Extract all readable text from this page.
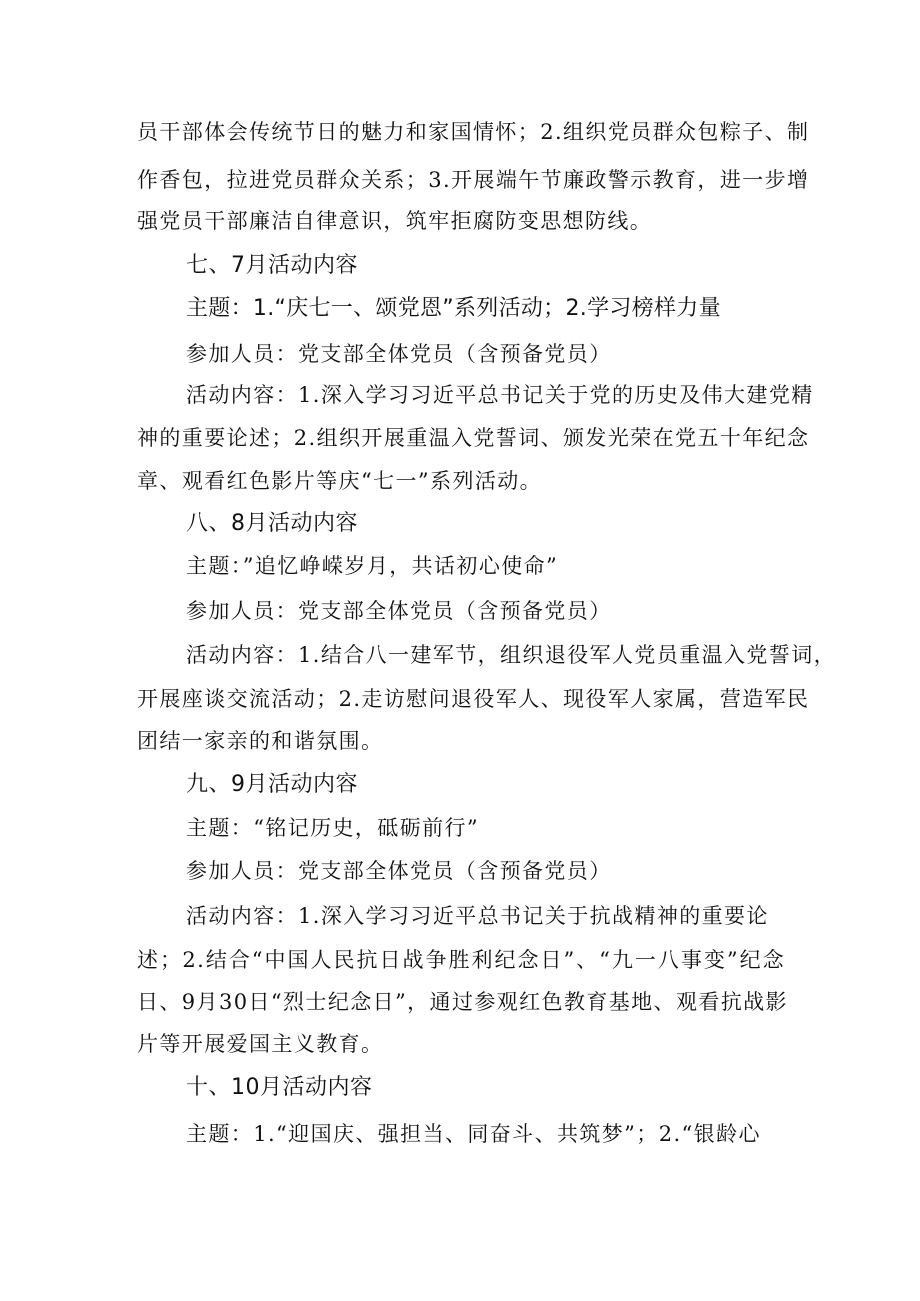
员干部体会传统节日的魅力和家国情怀；2.组织党员群众包粽子、制
作香包，拉进党员群众关系；3.开展端午节廉政警示教育，进一步增
强党员干部廉洁自律意识，筑牢拒腐防变思想防线。
七、7月活动内容
主题：1.“庆七一、颂党恩”系列活动；2.学习榜样力量
参加人员：党支部全体党员（含预备党员）
活动内容：1.深入学习习近平总书记关于党的历史及伟大建党精
神的重要论述；2.组织开展重温入党誓词、颁发光荣在党五十年纪念
章、观看红色影片等庆“七一”系列活动。
八、8月活动内容
主题：”追忆峥嵘岁月，共话初心使命”
参加人员：党支部全体党员（含预备党员）
活动内容：1.结合八一建军节，组织退役军人党员重温入党誓词，
开展座谈交流活动；2.走访慰问退役军人、现役军人家属，营造军民
团结一家亲的和谐氛围。
九、9月活动内容
主题：“铭记历史，砥砺前行”
参加人员：党支部全体党员（含预备党员）
活动内容：1.深入学习习近平总书记关于抗战精神的重要论
述；2.结合“中国人民抗日战争胜利纪念日”、“九一八事变”纪念
日、9月30日“烈士纪念日”，通过参观红色教育基地、观看抗战影
片等开展爱国主义教育。
十、10月活动内容
主题：1.“迎国庆、强担当、同奋斗、共筑梦”；2.“银龄心
